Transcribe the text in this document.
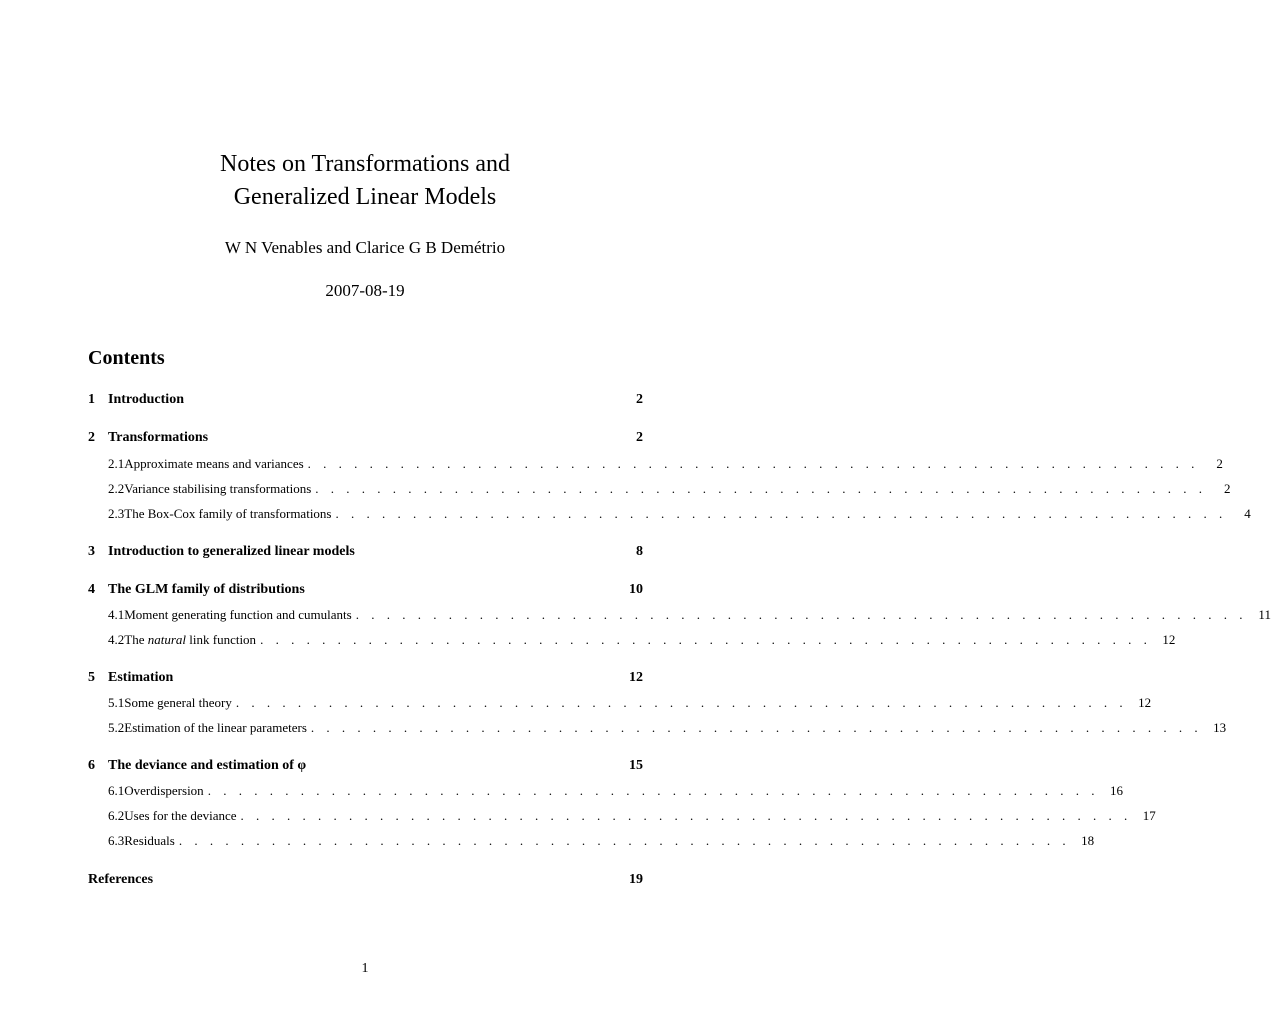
Notes on Transformations and
Generalized Linear Models
W N Venables and Clarice G B Demétrio
2007-08-19
Contents
1 Introduction	2
2 Transformations	2
2.1 Approximate means and variances . . . . . . . . . . . . . . . . . . . . . . . . . . . . . . . . . . . . . . . . . . . . . . . . . . . . . . . . . .	2
2.2 Variance stabilising transformations . . . . . . . . . . . . . . . . . . . . . . . . . . . . . . . . . . . . . . . . . . . . . . . . . . . . . . . . . .	2
2.3 The Box-Cox family of transformations . . . . . . . . . . . . . . . . . . . . . . . . . . . . . . . . . . . . . . . . . . . . . . . . . . . . . . . . . .	4
3 Introduction to generalized linear models	8
4 The GLM family of distributions	10
4.1 Moment generating function and cumulants . . . . . . . . . . . . . . . . . . . . . . . . . . . . . . . . . . . . . . . . . . . . . . . . . . . . . . . . . . 11
4.2 The natural link function . . . . . . . . . . . . . . . . . . . . . . . . . . . . . . . . . . . . . . . . . . . . . . . . . . . . . . . . . . 12
5 Estimation	12
5.1 Some general theory . . . . . . . . . . . . . . . . . . . . . . . . . . . . . . . . . . . . . . . . . . . . . . . . . . . . . . . . . . 12
5.2 Estimation of the linear parameters . . . . . . . . . . . . . . . . . . . . . . . . . . . . . . . . . . . . . . . . . . . . . . . . . . . . . . . . . . 13
6 The deviance and estimation of φ	15
6.1 Overdispersion . . . . . . . . . . . . . . . . . . . . . . . . . . . . . . . . . . . . . . . . . . . . . . . . . . . . . . . . . . 16
6.2 Uses for the deviance . . . . . . . . . . . . . . . . . . . . . . . . . . . . . . . . . . . . . . . . . . . . . . . . . . . . . . . . . . 17
6.3 Residuals . . . . . . . . . . . . . . . . . . . . . . . . . . . . . . . . . . . . . . . . . . . . . . . . . . . . . . . . . . 18
References	19
1
